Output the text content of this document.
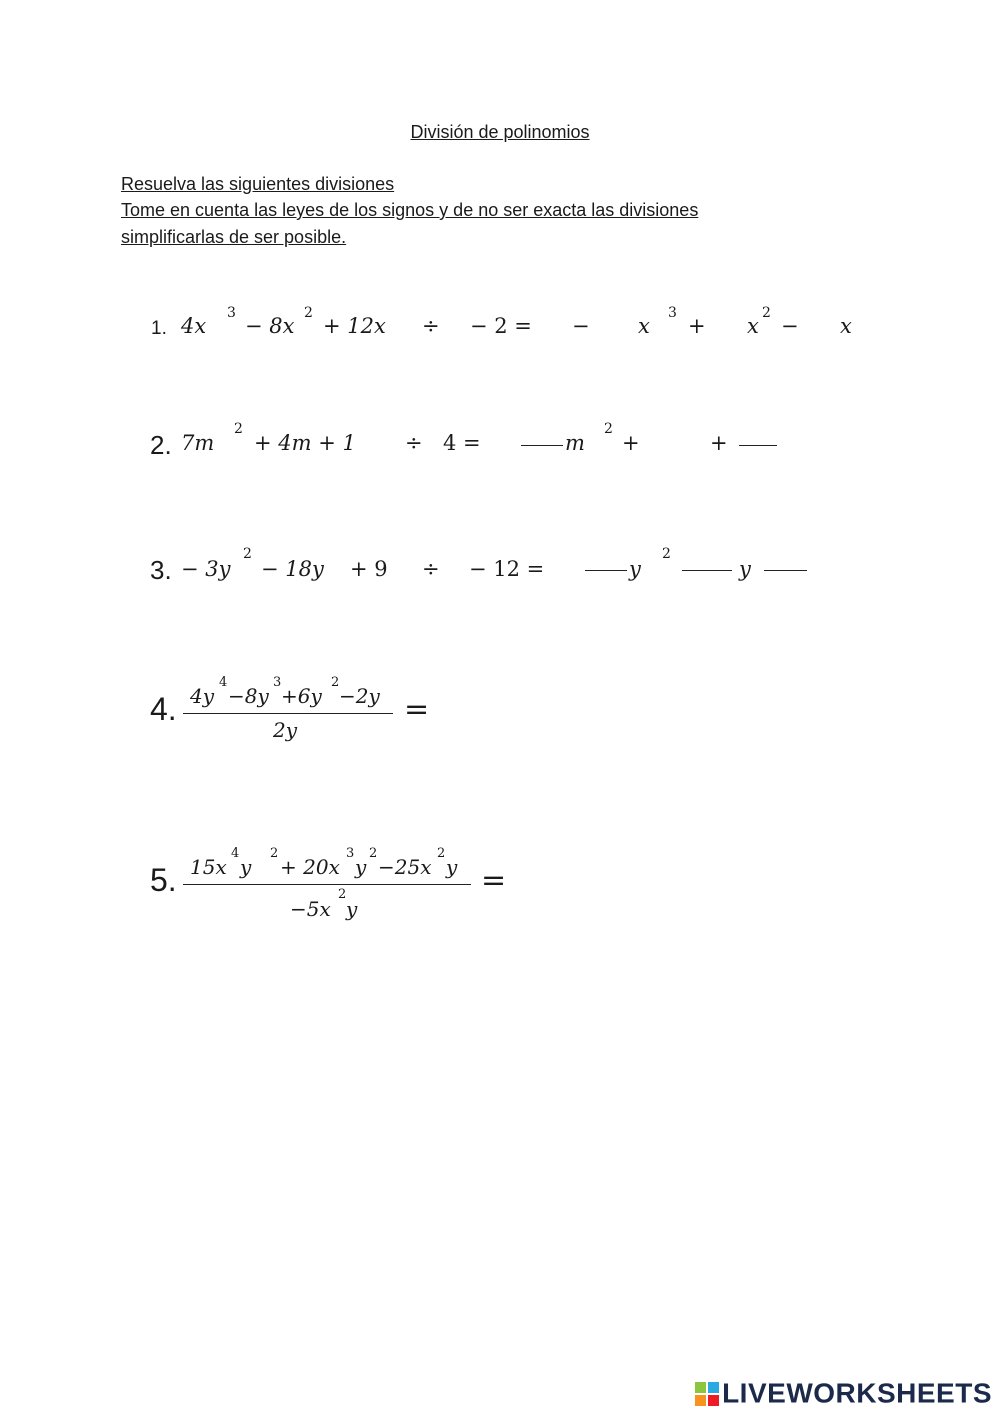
División de polinomios
Resuelva las siguientes divisiones
Tome en cuenta las leyes de los signos y de no ser exacta las divisiones
simplificarlas de ser posible.
1. 4x
3
− 8x
2
+ 12x ÷ − 2 = − x
3
+ x
2
− x
2. 7m
2
+ 4m + 1 ÷ 4 =	m
2
+	+
3. − 3y
2
− 18y + 9 ÷ − 12 =	y
2
y
4. 4y
4
−8y
3
+6y
2
−2y
2y
=
5. 15x
4
y
2
+ 20x
3
y
2
−25x
2
y
−5x
2
y
=
LIVEWORKSHEETS
